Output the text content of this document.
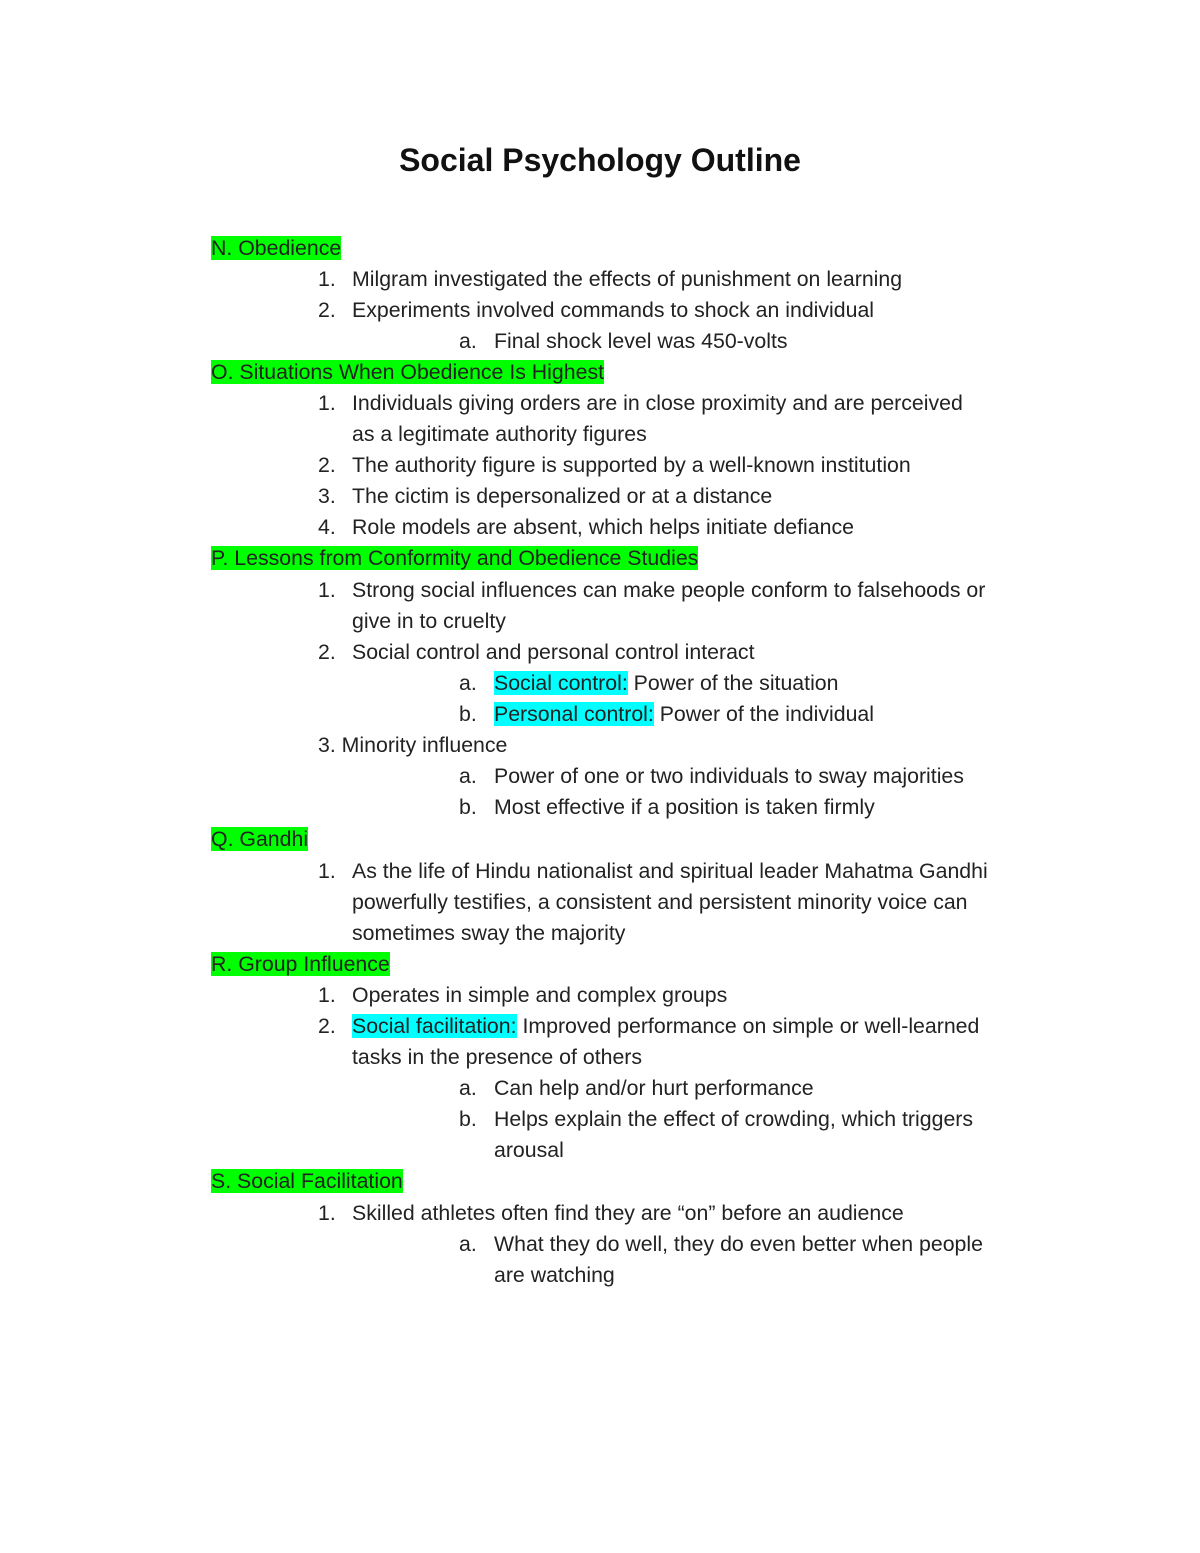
Social Psychology Outline
N. Obedience
1. Milgram investigated the effects of punishment on learning
2. Experiments involved commands to shock an individual
a. Final shock level was 450-volts
O. Situations When Obedience Is Highest
1. Individuals giving orders are in close proximity and are perceived
as a legitimate authority figures
2. The authority figure is supported by a well-known institution
3. The cictim is depersonalized or at a distance
4. Role models are absent, which helps initiate defiance
P. Lessons from Conformity and Obedience Studies
1. Strong social influences can make people conform to falsehoods or
give in to cruelty
2. Social control and personal control interact
a. Social control: Power of the situation
b. Personal control: Power of the individual
3. Minority influence
a. Power of one or two individuals to sway majorities
b. Most effective if a position is taken firmly
Q. Gandhi
1. As the life of Hindu nationalist and spiritual leader Mahatma Gandhi
powerfully testifies, a consistent and persistent minority voice can
sometimes sway the majority
R. Group Influence
1. Operates in simple and complex groups
2. Social facilitation: Improved performance on simple or well-learned
tasks in the presence of others
a. Can help and/or hurt performance
b. Helps explain the effect of crowding, which triggers
arousal
S. Social Facilitation
1. Skilled athletes often find they are “on” before an audience
a. What they do well, they do even better when people
are watching
